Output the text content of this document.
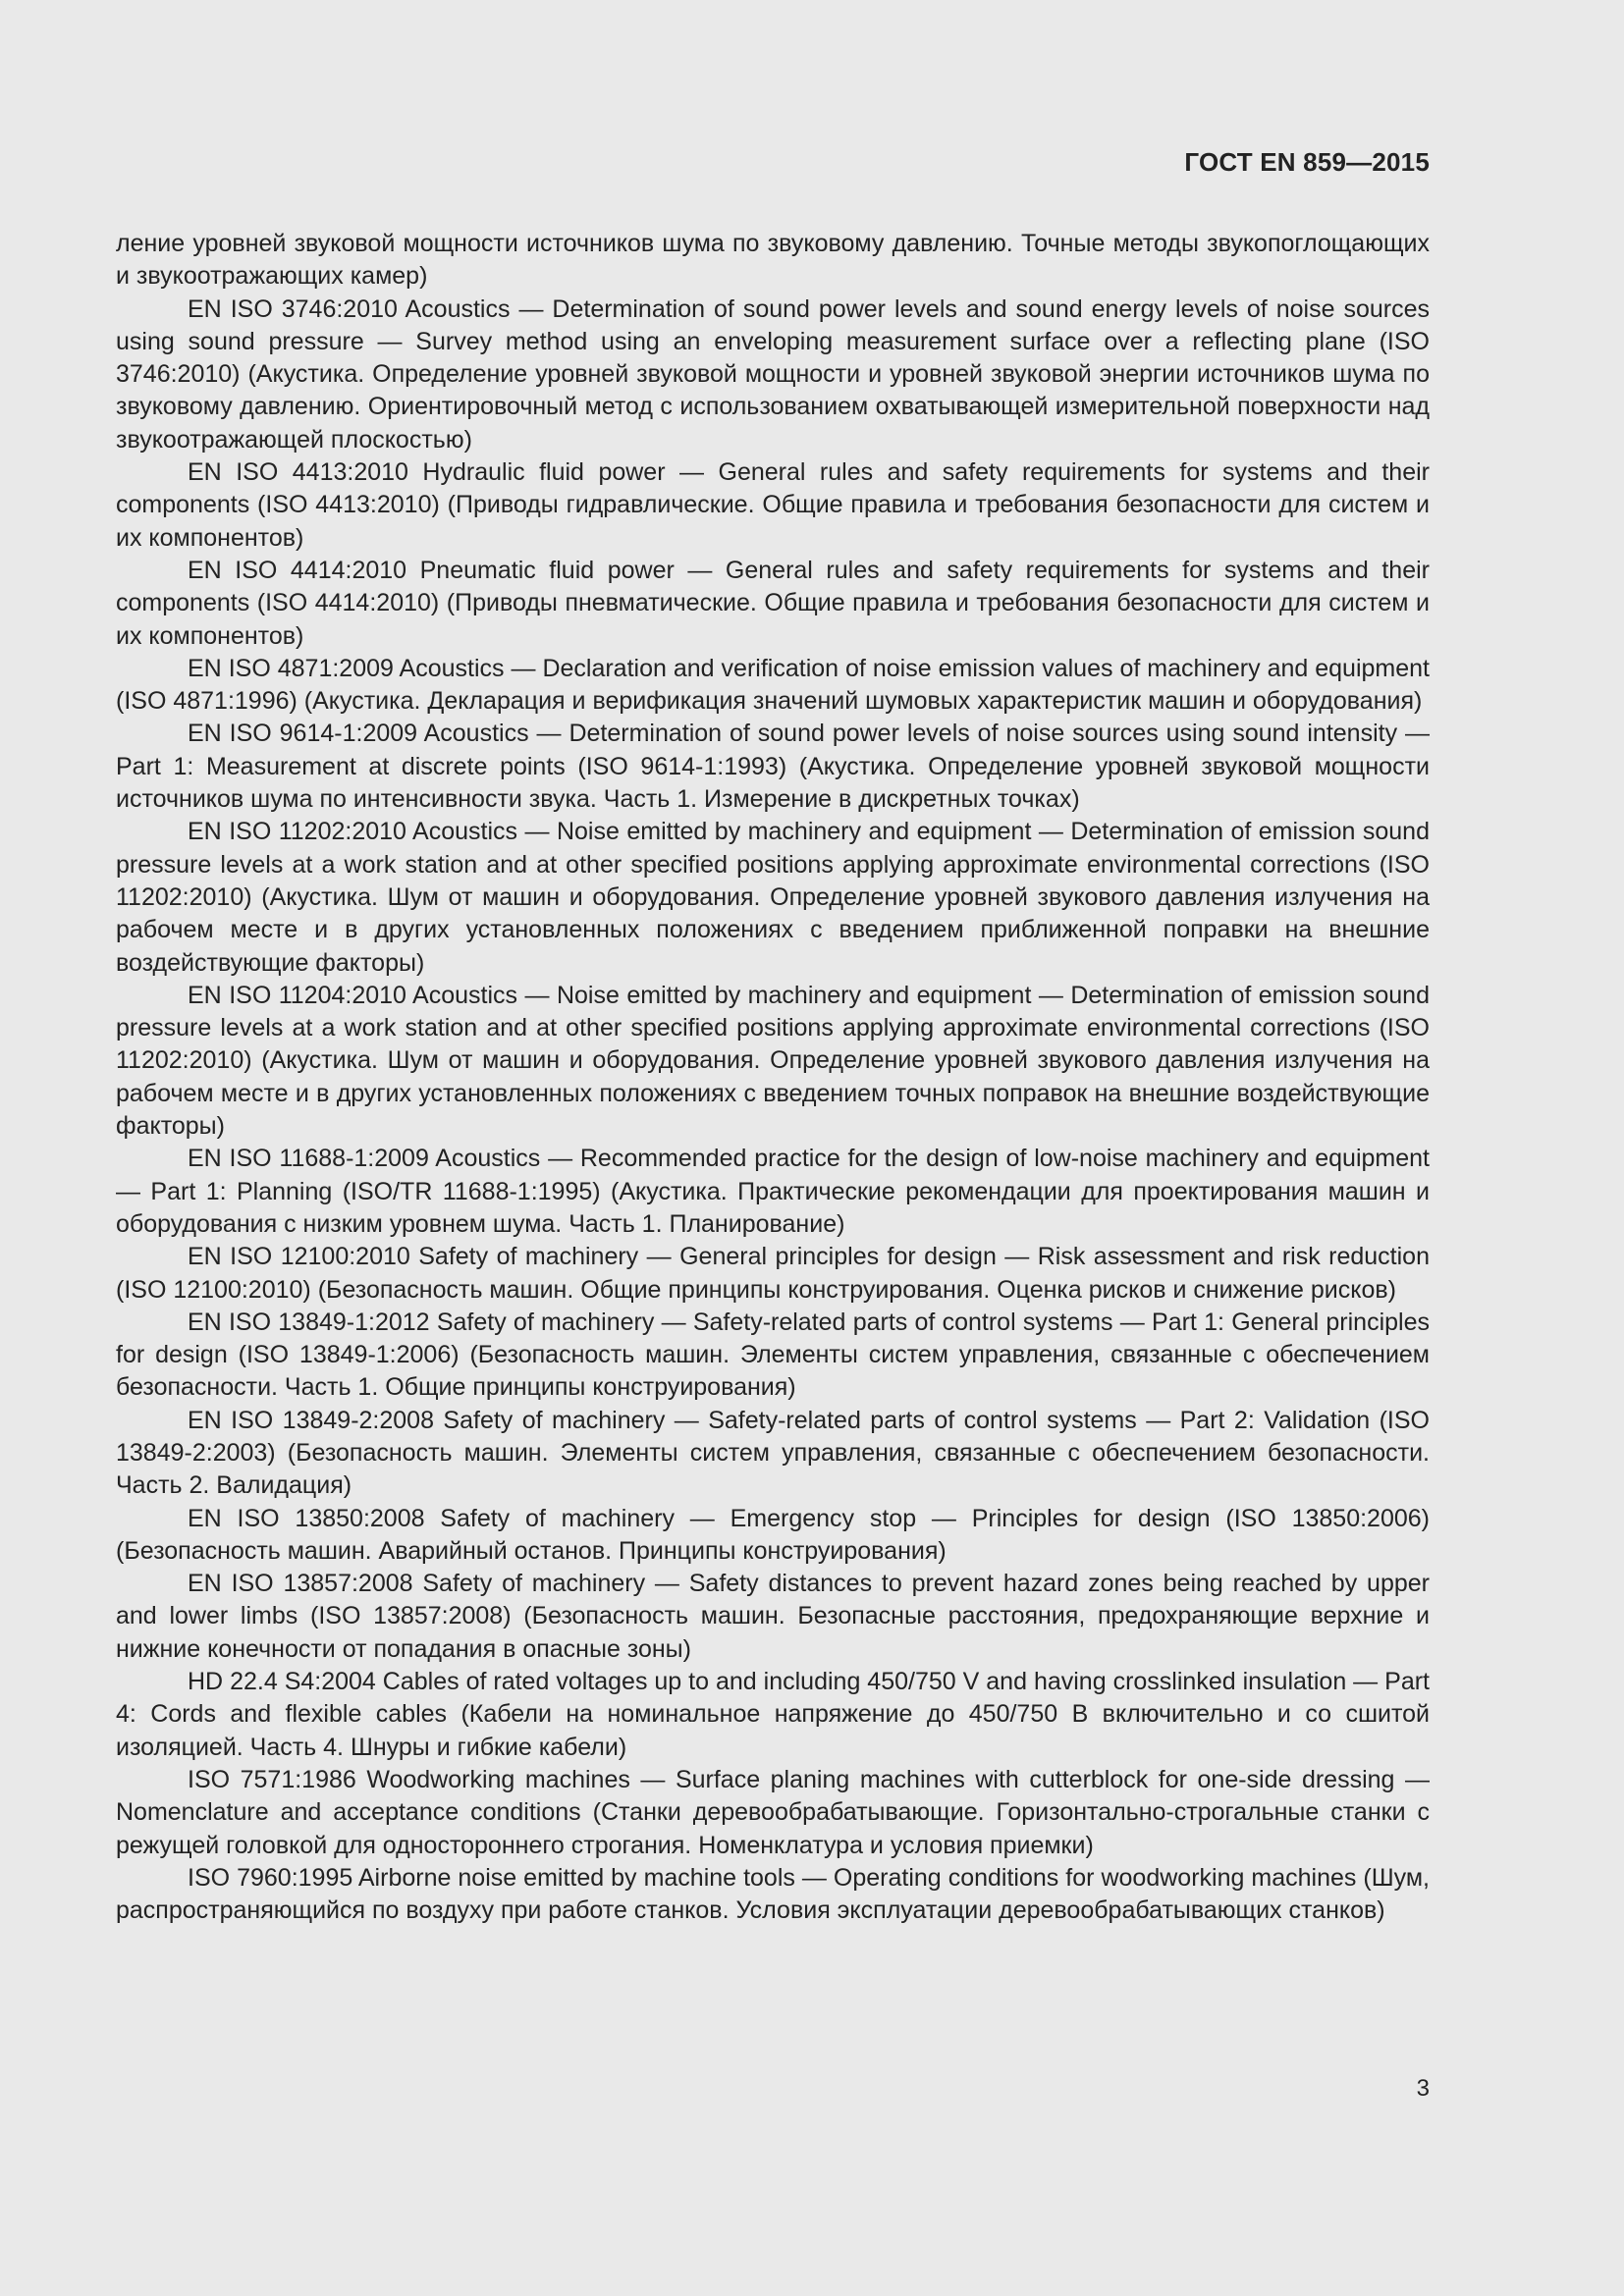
ГОСТ EN 859—2015

ление уровней звуковой мощности источников шума по звуковому давлению. Точные методы звукопоглощающих и звукоотражающих камер)

EN ISO 3746:2010 Acoustics — Determination of sound power levels and sound energy levels of noise sources using sound pressure — Survey method using an enveloping measurement surface over a reflecting plane (ISO 3746:2010) (Акустика. Определение уровней звуковой мощности и уровней звуковой энергии источников шума по звуковому давлению. Ориентировочный метод с использованием охватывающей измерительной поверхности над звукоотражающей плоскостью)

EN ISO 4413:2010 Hydraulic fluid power — General rules and safety requirements for systems and their components (ISO 4413:2010) (Приводы гидравлические. Общие правила и требования безопасности для систем и их компонентов)

EN ISO 4414:2010 Pneumatic fluid power — General rules and safety requirements for systems and their components (ISO 4414:2010) (Приводы пневматические. Общие правила и требования безопасности для систем и их компонентов)

EN ISO 4871:2009 Acoustics — Declaration and verification of noise emission values of machinery and equipment (ISO 4871:1996) (Акустика. Декларация и верификация значений шумовых характеристик машин и оборудования)

EN ISO 9614-1:2009 Acoustics — Determination of sound power levels of noise sources using sound intensity — Part 1: Measurement at discrete points (ISO 9614-1:1993) (Акустика. Определение уровней звуковой мощности источников шума по интенсивности звука. Часть 1. Измерение в дискретных точках)

EN ISO 11202:2010 Acoustics — Noise emitted by machinery and equipment — Determination of emission sound pressure levels at a work station and at other specified positions applying approximate environmental corrections (ISO 11202:2010) (Акустика. Шум от машин и оборудования. Определение уровней звукового давления излучения на рабочем месте и в других установленных положениях с введением приближенной поправки на внешние воздействующие факторы)

EN ISO 11204:2010 Acoustics — Noise emitted by machinery and equipment — Determination of emission sound pressure levels at a work station and at other specified positions applying approximate environmental corrections (ISO 11202:2010) (Акустика. Шум от машин и оборудования. Определение уровней звукового давления излучения на рабочем месте и в других установленных положениях с введением точных поправок на внешние воздействующие факторы)

EN ISO 11688-1:2009 Acoustics — Recommended practice for the design of low-noise machinery and equipment — Part 1: Planning (ISO/TR 11688-1:1995) (Акустика. Практические рекомендации для проектирования машин и оборудования с низким уровнем шума. Часть 1. Планирование)

EN ISO 12100:2010 Safety of machinery — General principles for design — Risk assessment and risk reduction (ISO 12100:2010) (Безопасность машин. Общие принципы конструирования. Оценка рисков и снижение рисков)

EN ISO 13849-1:2012 Safety of machinery — Safety-related parts of control systems — Part 1: General principles for design (ISO 13849-1:2006) (Безопасность машин. Элементы систем управления, связанные с обеспечением безопасности. Часть 1. Общие принципы конструирования)

EN ISO 13849-2:2008 Safety of machinery — Safety-related parts of control systems — Part 2: Validation (ISO 13849-2:2003) (Безопасность машин. Элементы систем управления, связанные с обеспечением безопасности. Часть 2. Валидация)

EN ISO 13850:2008 Safety of machinery — Emergency stop — Principles for design (ISO 13850:2006) (Безопасность машин. Аварийный останов. Принципы конструирования)

EN ISO 13857:2008 Safety of machinery — Safety distances to prevent hazard zones being reached by upper and lower limbs (ISO 13857:2008) (Безопасность машин. Безопасные расстояния, предохраняющие верхние и нижние конечности от попадания в опасные зоны)

HD 22.4 S4:2004 Cables of rated voltages up to and including 450/750 V and having crosslinked insulation — Part 4: Cords and flexible cables (Кабели на номинальное напряжение до 450/750 В включительно и со сшитой изоляцией. Часть 4. Шнуры и гибкие кабели)

ISO 7571:1986 Woodworking machines — Surface planing machines with cutterblock for one-side dressing — Nomenclature and acceptance conditions (Станки деревообрабатывающие. Горизонтально-строгальные станки с режущей головкой для одностороннего строгания. Номенклатура и условия приемки)

ISO 7960:1995 Airborne noise emitted by machine tools — Operating conditions for woodworking machines (Шум, распространяющийся по воздуху при работе станков. Условия эксплуатации деревообрабатывающих станков)

3
